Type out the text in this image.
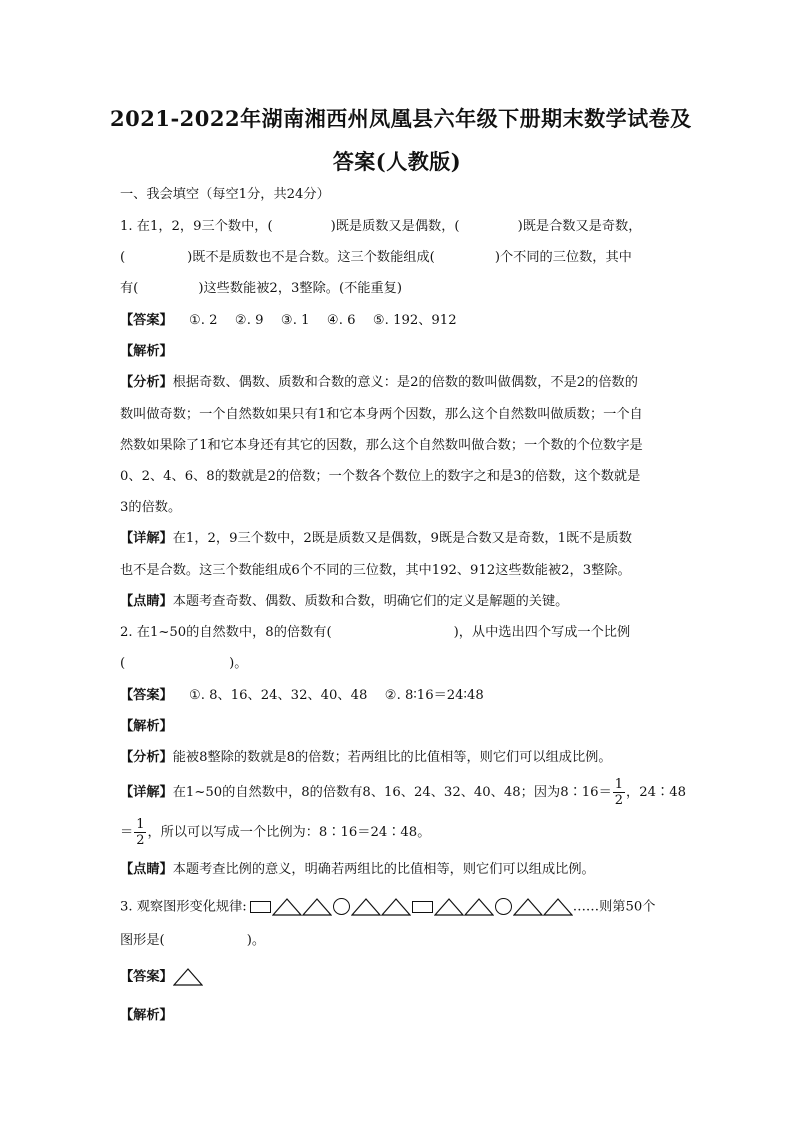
2021-2022年湖南湘西州凤凰县六年级下册期末数学试卷及
答案(人教版)
一、我会填空（每空1分，共24分）
1. 在1，2，9三个数中，(	)既是质数又是偶数，(	)既是合数又是奇数，
(	)既不是质数也不是合数。这三个数能组成(	)个不同的三位数，其中
有(	)这些数能被2，3整除。(不能重复)
【答案】 ①. 2　 ②. 9　 ③. 1　 ④. 6　 ⑤. 192、912
【解析】
【分析】根据奇数、偶数、质数和合数的意义：是2的倍数的数叫做偶数，不是2的倍数的
数叫做奇数；一个自然数如果只有1和它本身两个因数，那么这个自然数叫做质数；一个自
然数如果除了1和它本身还有其它的因数，那么这个自然数叫做合数；一个数的个位数字是
0、2、4、6、8的数就是2的倍数；一个数各个数位上的数字之和是3的倍数，这个数就是
3的倍数。
【详解】在1，2，9三个数中，2既是质数又是偶数，9既是合数又是奇数，1既不是质数
也不是合数。这三个数能组成6个不同的三位数，其中192、912这些数能被2，3整除。
【点睛】本题考查奇数、偶数、质数和合数，明确它们的定义是解题的关键。
2. 在1~50的自然数中，8的倍数有(	)，从中选出四个写成一个比例
(	)。
【答案】 ①. 8、16、24、32、40、48　 ②. 8∶16＝24∶48
【解析】
【分析】能被8整除的数就是8的倍数；若两组比的比值相等，则它们可以组成比例。
【详解】在1~50的自然数中，8的倍数有8、16、24、32、40、48；因为8∶16＝ $\frac{1}{2}$ ，24∶48
＝ $\frac{1}{2}$ ，所以可以写成一个比例为：8∶16＝24∶48。
【点睛】本题考查比例的意义，明确若两组比的比值相等，则它们可以组成比例。
3. 观察图形变化规律:	……则第50个
图形是(	)。
【答案】
【解析】
